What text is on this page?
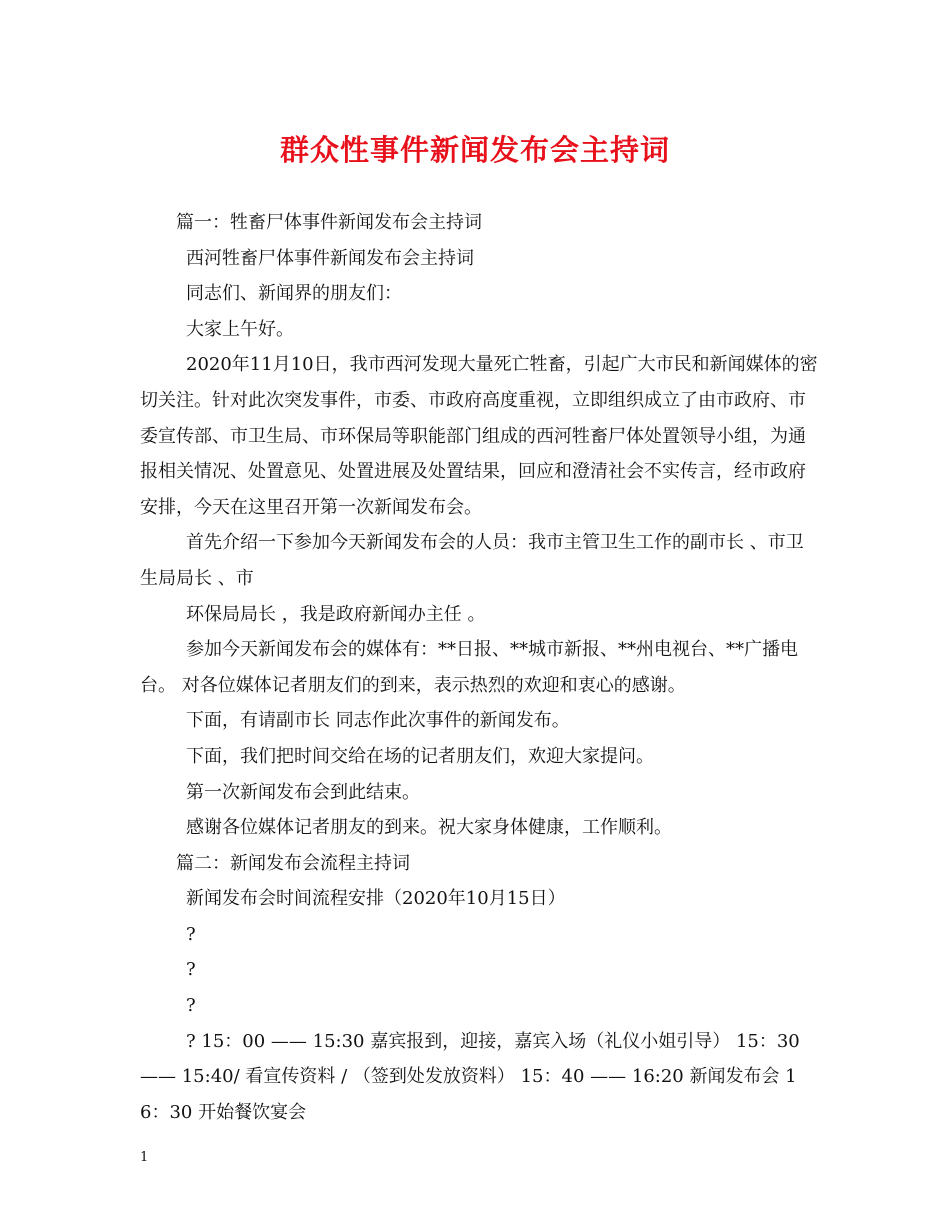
群众性事件新闻发布会主持词

篇一：牲畜尸体事件新闻发布会主持词

西河牲畜尸体事件新闻发布会主持词

同志们、新闻界的朋友们：

大家上午好。

2020年11月10日，我市西河发现大量死亡牲畜，引起广大市民和新闻媒体的密切关注。针对此次突发事件，市委、市政府高度重视，立即组织成立了由市政府、市委宣传部、市卫生局、市环保局等职能部门组成的西河牲畜尸体处置领导小组，为通报相关情况、处置意见、处置进展及处置结果，回应和澄清社会不实传言，经市政府安排，今天在这里召开第一次新闻发布会。

首先介绍一下参加今天新闻发布会的人员：我市主管卫生工作的副市长 、市卫生局局长 、市

环保局局长 ，我是政府新闻办主任 。

参加今天新闻发布会的媒体有：**日报、**城市新报、**州电视台、**广播电台。 对各位媒体记者朋友们的到来，表示热烈的欢迎和衷心的感谢。

下面，有请副市长 同志作此次事件的新闻发布。

下面，我们把时间交给在场的记者朋友们，欢迎大家提问。

第一次新闻发布会到此结束。

感谢各位媒体记者朋友的到来。祝大家身体健康，工作顺利。

篇二：新闻发布会流程主持词

新闻发布会时间流程安排（2020年10月15日）

?

?

?

? 15：00 —— 15:30 嘉宾报到，迎接，嘉宾入场（礼仪小姐引导） 15：30 —— 15:40/ 看宣传资料 / （签到处发放资料） 15：40 —— 16:20 新闻发布会 16：30 开始餐饮宴会

1
